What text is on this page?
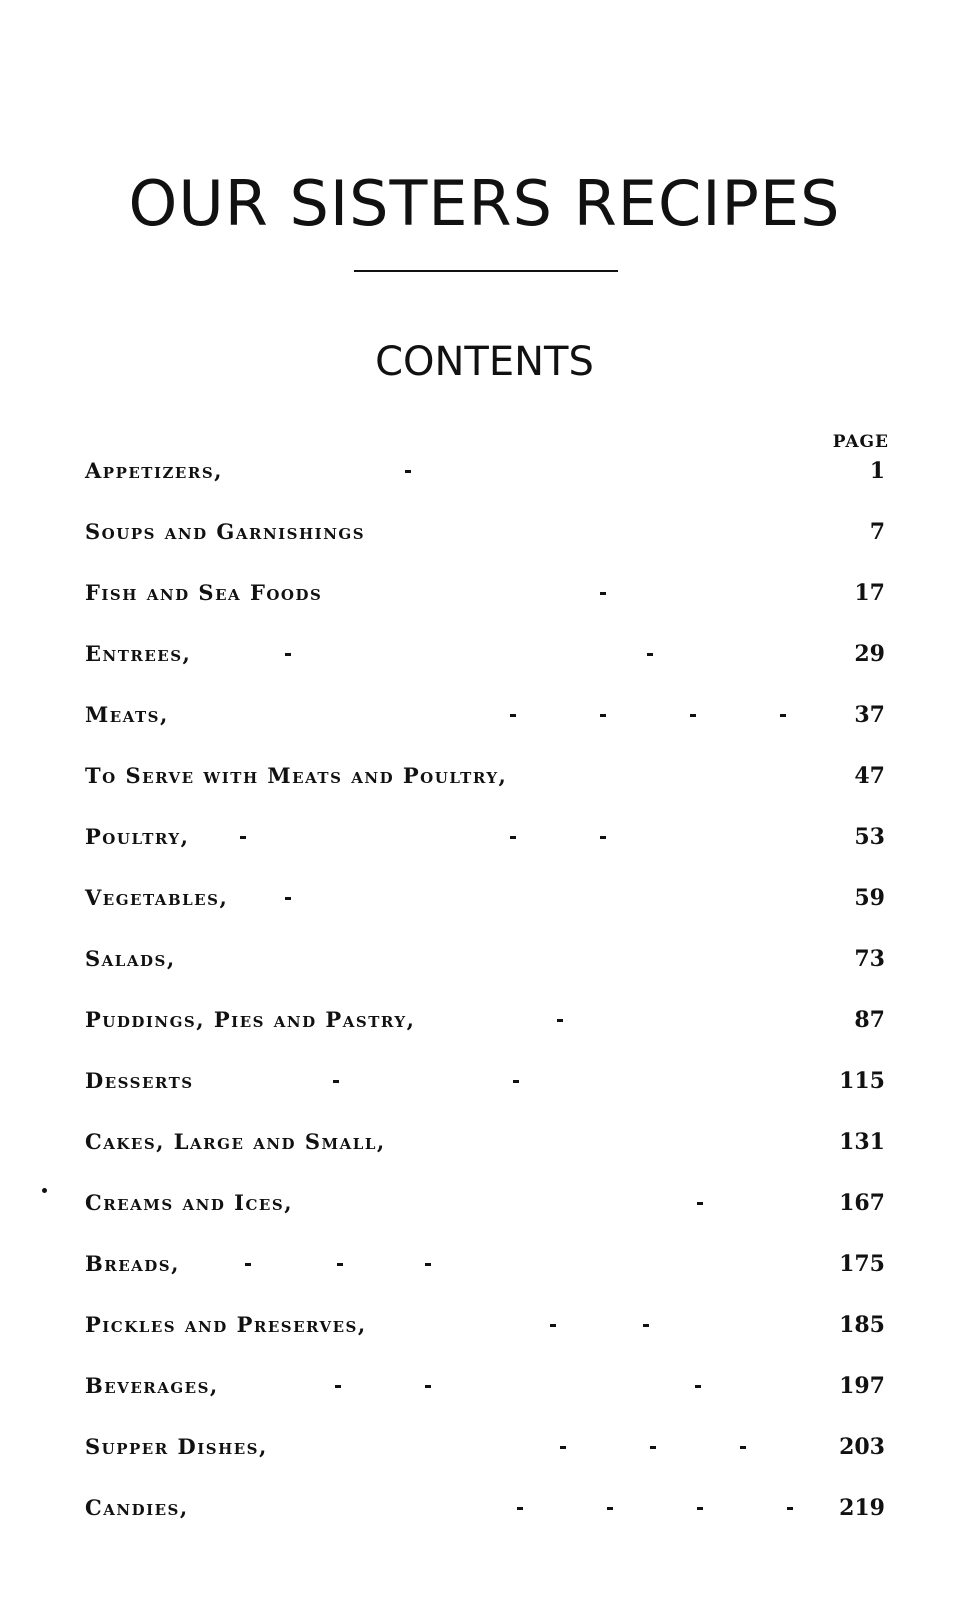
OUR SISTERS RECIPES
CONTENTS
PAGE
Appetizers,	1
Soups and Garnishings	7
Fish and Sea Foods	17
Entrees,	29
Meats,	37
To Serve with Meats and Poultry,	47
Poultry,	53
Vegetables,	59
Salads,	73
Puddings, Pies and Pastry,	87
Desserts	115
Cakes, Large and Small,	131
Creams and Ices,	167
Breads,	175
Pickles and Preserves,	185
Beverages,	197
Supper Dishes,	203
Candies,	219
